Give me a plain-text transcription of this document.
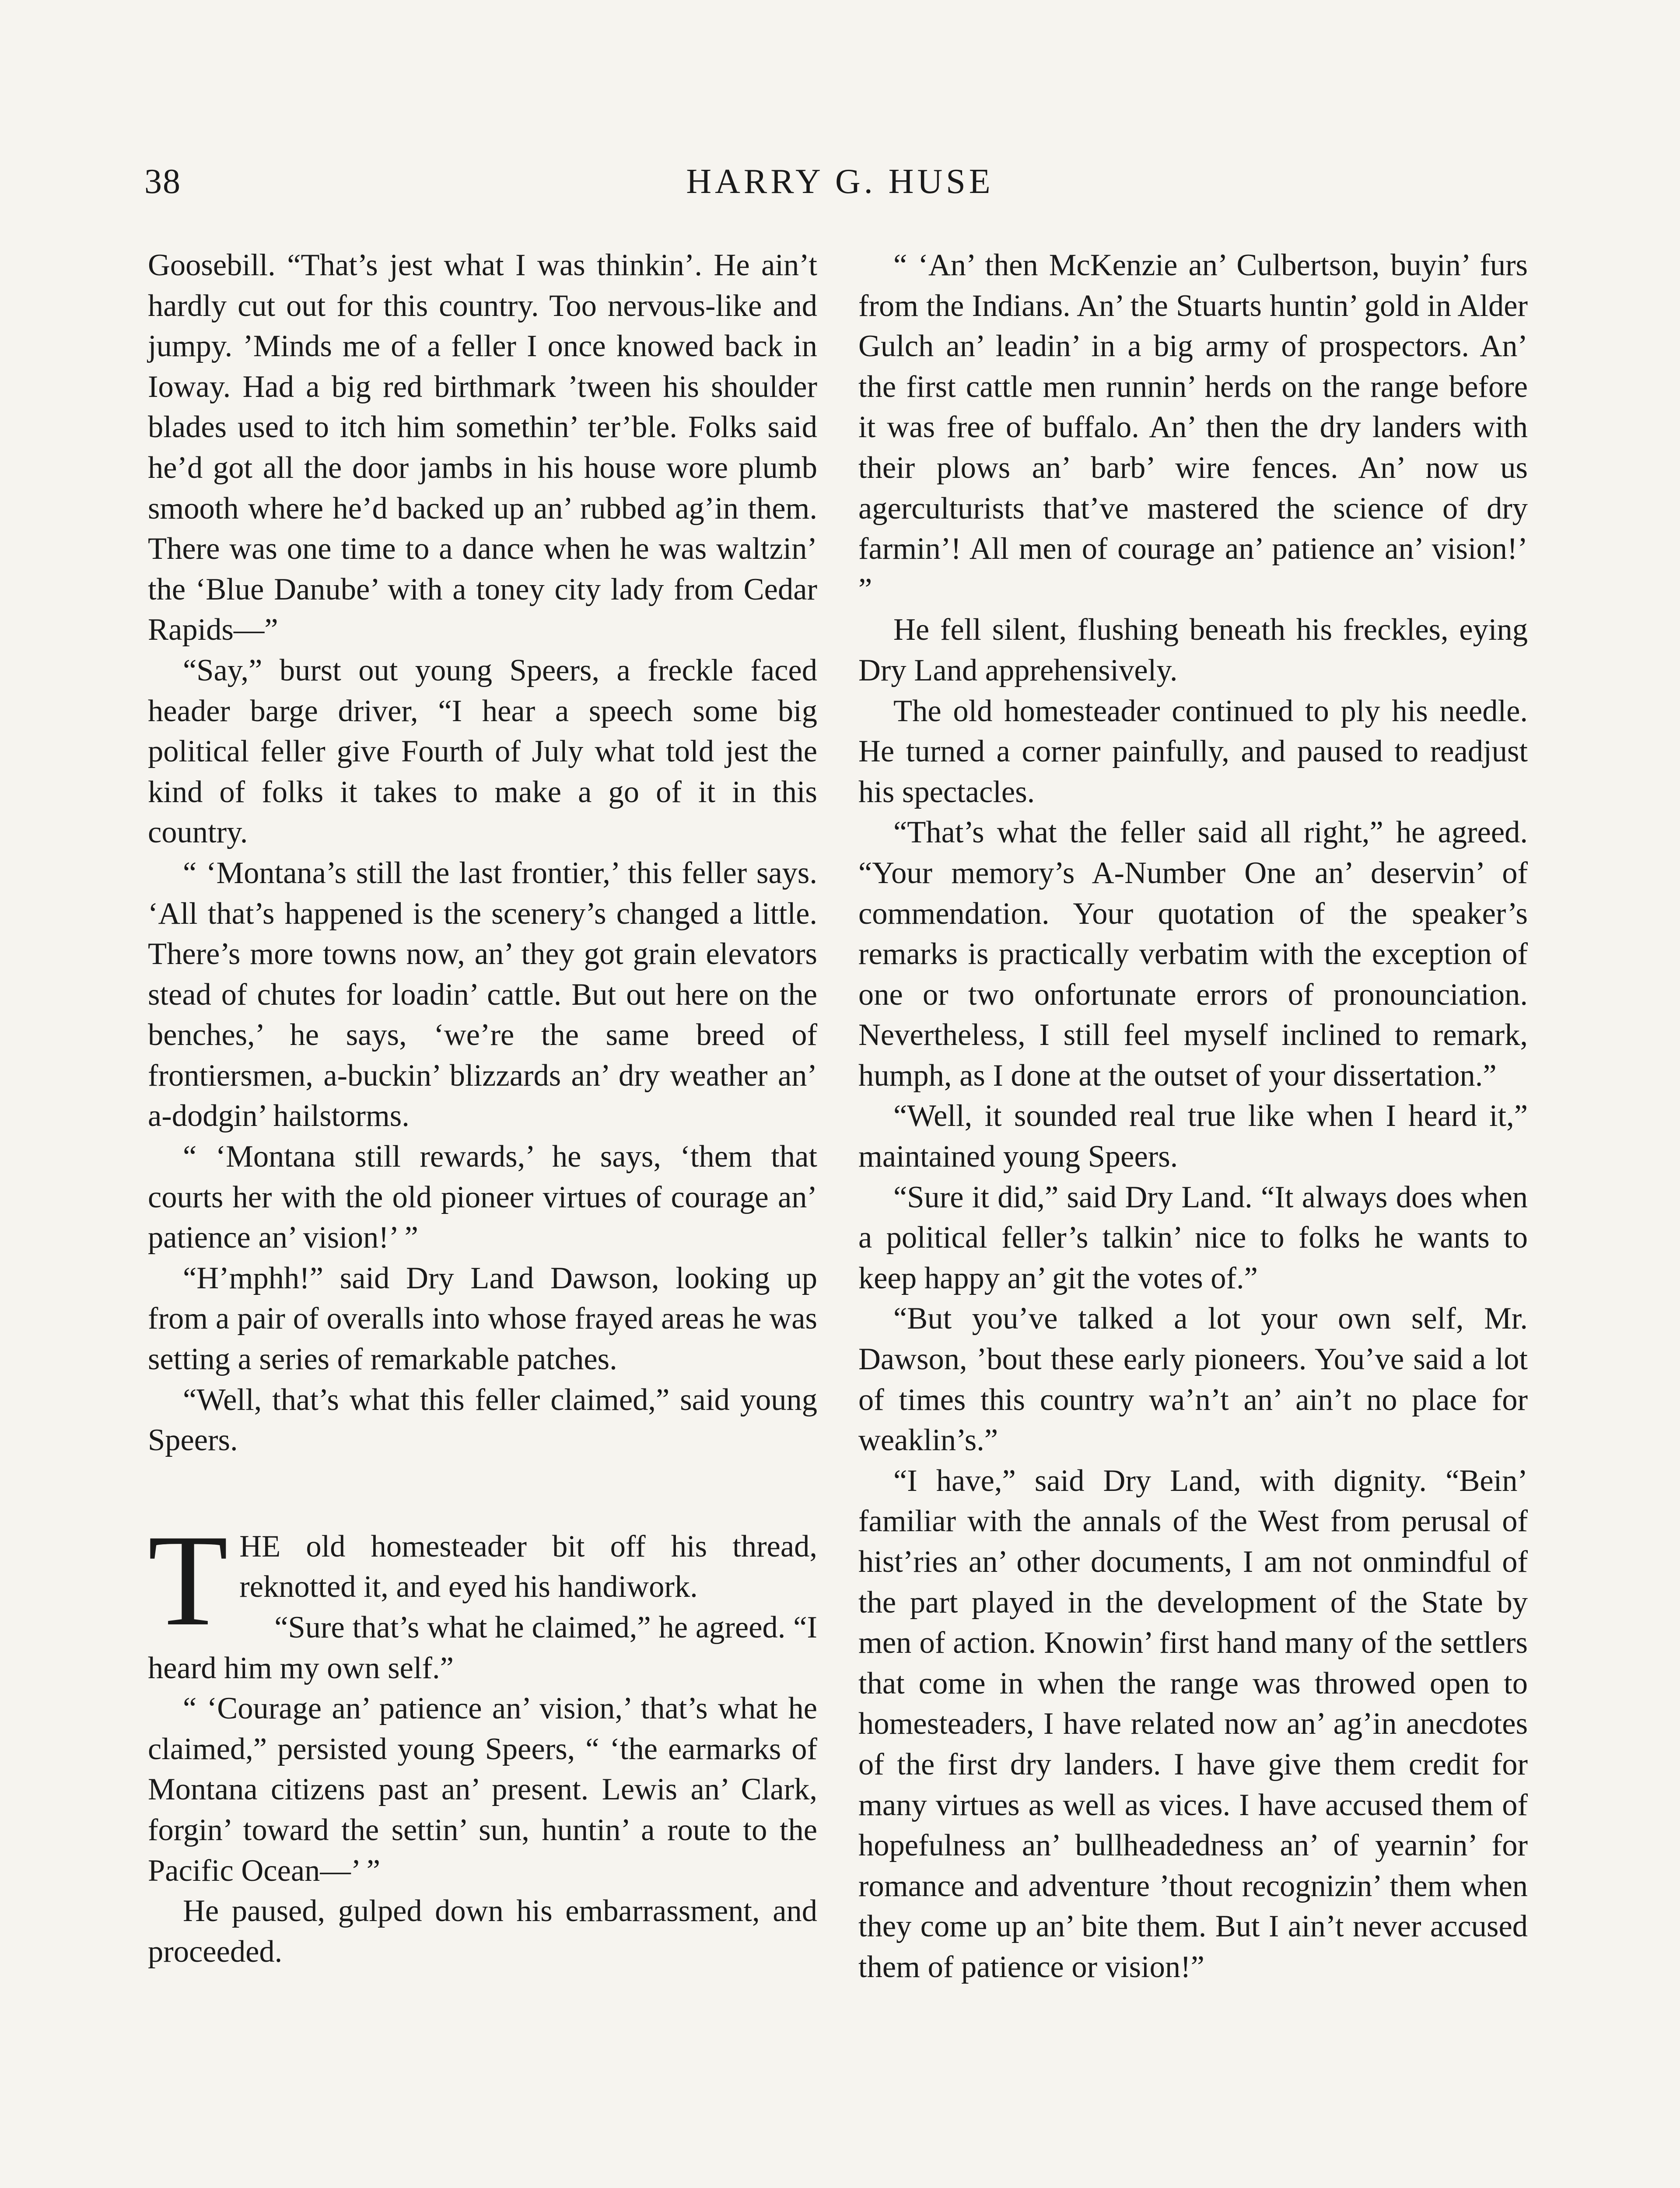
38	HARRY G. HUSE

Goosebill. “That’s jest what I was thinkin’. He ain’t hardly cut out for this country. Too nervous-like and jumpy. ’Minds me of a feller I once knowed back in Ioway. Had a big red birthmark ’tween his shoulder blades used to itch him somethin’ ter’ble. Folks said he’d got all the door jambs in his house wore plumb smooth where he’d backed up an’ rubbed ag’in them. There was one time to a dance when he was waltzin’ the ‘Blue Danube’ with a toney city lady from Cedar Rapids—”

“Say,” burst out young Speers, a freckle faced header barge driver, “I hear a speech some big political feller give Fourth of July what told jest the kind of folks it takes to make a go of it in this country.

“ ‘Montana’s still the last frontier,’ this feller says. ‘All that’s happened is the scenery’s changed a little. There’s more towns now, an’ they got grain elevators stead of chutes for loadin’ cattle. But out here on the benches,’ he says, ‘we’re the same breed of frontiersmen, a-buckin’ blizzards an’ dry weather an’ a-dodgin’ hailstorms.

“ ‘Montana still rewards,’ he says, ‘them that courts her with the old pioneer virtues of courage an’ patience an’ vision!’ ”

“H’mphh!” said Dry Land Dawson, looking up from a pair of overalls into whose frayed areas he was setting a series of remarkable patches.

“Well, that’s what this feller claimed,” said young Speers.

THE old homesteader bit off his thread, reknotted it, and eyed his handiwork.

“Sure that’s what he claimed,” he agreed. “I heard him my own self.”

“ ‘Courage an’ patience an’ vision,’ that’s what he claimed,” persisted young Speers, “ ‘the earmarks of Montana citizens past an’ present. Lewis an’ Clark, forgin’ toward the settin’ sun, huntin’ a route to the Pacific Ocean—’ ”

He paused, gulped down his embarrassment, and proceeded.

“ ‘An’ then McKenzie an’ Culbertson, buyin’ furs from the Indians. An’ the Stuarts huntin’ gold in Alder Gulch an’ leadin’ in a big army of prospectors. An’ the first cattle men runnin’ herds on the range before it was free of buffalo. An’ then the dry landers with their plows an’ barb’ wire fences. An’ now us agerculturists that’ve mastered the science of dry farmin’! All men of courage an’ patience an’ vision!’ ”

He fell silent, flushing beneath his freckles, eying Dry Land apprehensively.

The old homesteader continued to ply his needle. He turned a corner painfully, and paused to readjust his spectacles.

“That’s what the feller said all right,” he agreed. “Your memory’s A-Number One an’ deservin’ of commendation. Your quotation of the speaker’s remarks is practically verbatim with the exception of one or two onfortunate errors of pronounciation. Nevertheless, I still feel myself inclined to remark, humph, as I done at the outset of your dissertation.”

“Well, it sounded real true like when I heard it,” maintained young Speers.

“Sure it did,” said Dry Land. “It always does when a political feller’s talkin’ nice to folks he wants to keep happy an’ git the votes of.”

“But you’ve talked a lot your own self, Mr. Dawson, ’bout these early pioneers. You’ve said a lot of times this country wa’n’t an’ ain’t no place for weaklin’s.”

“I have,” said Dry Land, with dignity. “Bein’ familiar with the annals of the West from perusal of hist’ries an’ other documents, I am not onmindful of the part played in the development of the State by men of action. Knowin’ first hand many of the settlers that come in when the range was throwed open to homesteaders, I have related now an’ ag’in anecdotes of the first dry landers. I have give them credit for many virtues as well as vices. I have accused them of hopefulness an’ bullheadedness an’ of yearnin’ for romance and adventure ’thout recognizin’ them when they come up an’ bite them. But I ain’t never accused them of patience or vision!”
